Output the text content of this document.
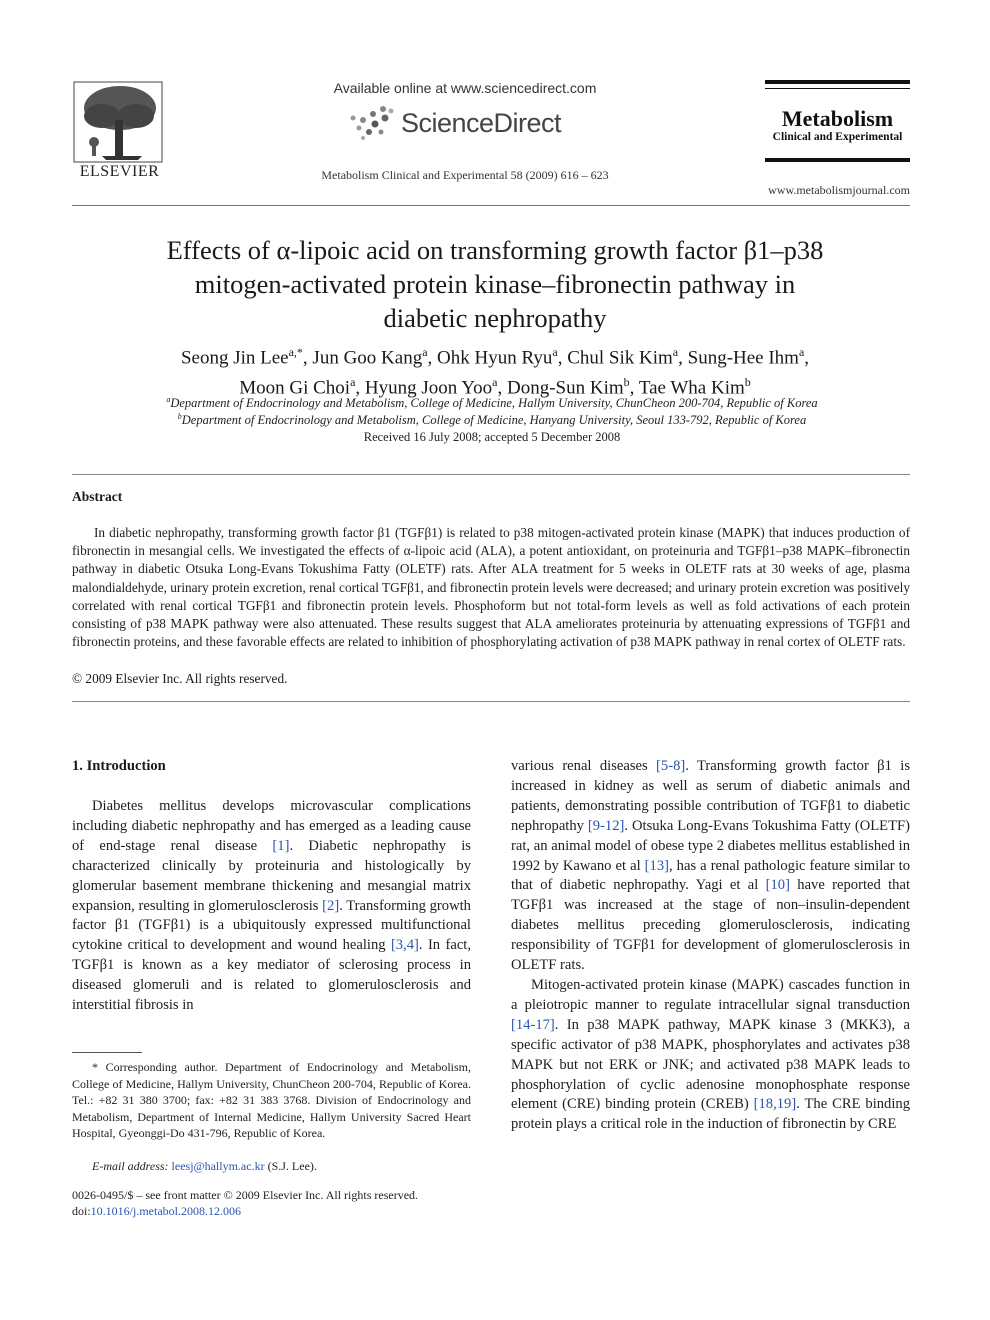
ELSEVIER
Available online at www.sciencedirect.com
ScienceDirect
Metabolism Clinical and Experimental 58 (2009) 616 – 623
Metabolism
Clinical and Experimental
www.metabolismjournal.com
Effects of α-lipoic acid on transforming growth factor β1–p38
mitogen-activated protein kinase–fibronectin pathway in
diabetic nephropathy
Seong Jin Lee$^{a,*}$, Jun Goo Kang$^a$, Ohk Hyun Ryu$^a$, Chul Sik Kim$^a$, Sung-Hee Ihm$^a$,
Moon Gi Choi$^a$, Hyung Joon Yoo$^a$, Dong-Sun Kim$^b$, Tae Wha Kim$^b$
$^a$Department of Endocrinology and Metabolism, College of Medicine, Hallym University, ChunCheon 200-704, Republic of Korea
$^b$Department of Endocrinology and Metabolism, College of Medicine, Hanyang University, Seoul 133-792, Republic of Korea
Received 16 July 2008; accepted 5 December 2008
Abstract
In diabetic nephropathy, transforming growth factor β1 (TGFβ1) is related to p38 mitogen-activated protein kinase (MAPK) that induces production of fibronectin in mesangial cells. We investigated the effects of α-lipoic acid (ALA), a potent antioxidant, on proteinuria and TGFβ1–p38 MAPK–fibronectin pathway in diabetic Otsuka Long-Evans Tokushima Fatty (OLETF) rats. After ALA treatment for 5 weeks in OLETF rats at 30 weeks of age, plasma malondialdehyde, urinary protein excretion, renal cortical TGFβ1, and fibronectin protein levels were decreased; and urinary protein excretion was positively correlated with renal cortical TGFβ1 and fibronectin protein levels. Phosphoform but not total-form levels as well as fold activations of each protein consisting of p38 MAPK pathway were also attenuated. These results suggest that ALA ameliorates proteinuria by attenuating expressions of TGFβ1 and fibronectin proteins, and these favorable effects are related to inhibition of phosphorylating activation of p38 MAPK pathway in renal cortex of OLETF rats.
© 2009 Elsevier Inc. All rights reserved.
1. Introduction

Diabetes mellitus develops microvascular complications including diabetic nephropathy and has emerged as a leading cause of end-stage renal disease [1]. Diabetic nephropathy is characterized clinically by proteinuria and histologically by glomerular basement membrane thickening and mesangial matrix expansion, resulting in glomerulosclerosis [2]. Transforming growth factor β1 (TGFβ1) is a ubiquitously expressed multifunctional cytokine critical to development and wound healing [3,4]. In fact, TGFβ1 is known as a key mediator of sclerosing process in diseased glomeruli and is related to glomerulosclerosis and interstitial fibrosis in

various renal diseases [5-8]. Transforming growth factor β1 is increased in kidney as well as serum of diabetic animals and patients, demonstrating possible contribution of TGFβ1 to diabetic nephropathy [9-12]. Otsuka Long-Evans Tokushima Fatty (OLETF) rat, an animal model of obese type 2 diabetes mellitus established in 1992 by Kawano et al [13], has a renal pathologic feature similar to that of diabetic nephropathy. Yagi et al [10] have reported that TGFβ1 was increased at the stage of non–insulin-dependent diabetes mellitus preceding glomerulosclerosis, indicating responsibility of TGFβ1 for development of glomerulosclerosis in OLETF rats.

Mitogen-activated protein kinase (MAPK) cascades function in a pleiotropic manner to regulate intracellular signal transduction [14-17]. In p38 MAPK pathway, MAPK kinase 3 (MKK3), a specific activator of p38 MAPK, phosphorylates and activates p38 MAPK but not ERK or JNK; and activated p38 MAPK leads to phosphorylation of cyclic adenosine monophosphate response element (CRE) binding protein (CREB) [18,19]. The CRE binding protein plays a critical role in the induction of fibronectin by CRE

* Corresponding author. Department of Endocrinology and Metabolism, College of Medicine, Hallym University, ChunCheon 200-704, Republic of Korea. Tel.: +82 31 380 3700; fax: +82 31 383 3768. Division of Endocrinology and Metabolism, Department of Internal Medicine, Hallym University Sacred Heart Hospital, Gyeonggi-Do 431-796, Republic of Korea.
E-mail address: leesj@hallym.ac.kr (S.J. Lee).
0026-0495/$ – see front matter © 2009 Elsevier Inc. All rights reserved.
doi:10.1016/j.metabol.2008.12.006
